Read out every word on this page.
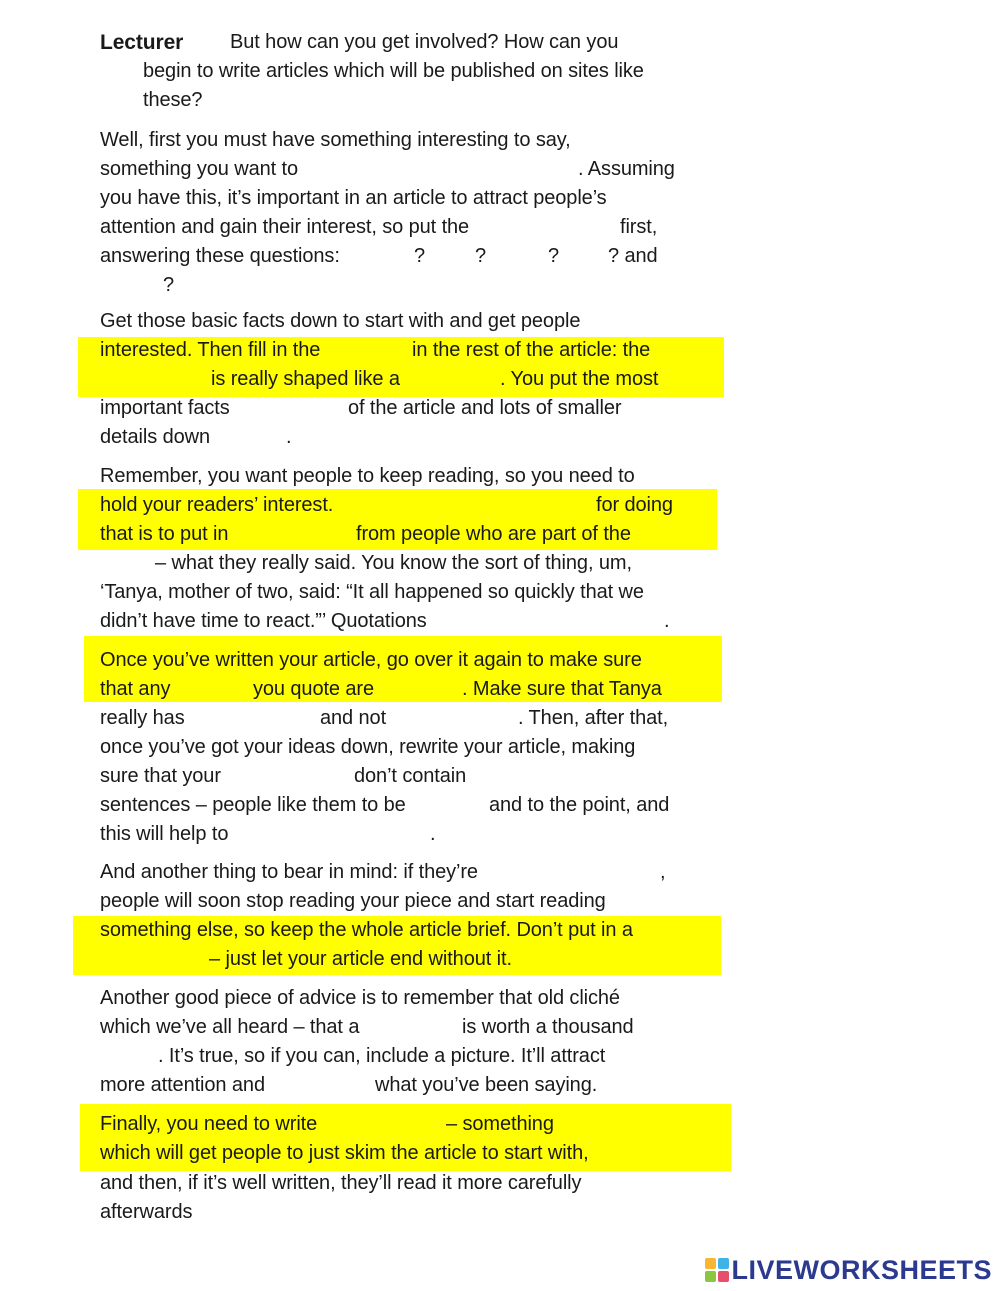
Lecturer But how can you get involved? How can you
begin to write articles which will be published on sites like
these?
Well, first you must have something interesting to say,
something you want to	. Assuming
you have this, it’s important in an article to attract people’s
attention and gain their interest, so put the	first,
answering these questions:	? ?	? ? and
?
Get those basic facts down to start with and get people
interested. Then fill in the	in the rest of the article: the
is really shaped like a	. You put the most
important facts	of the article and lots of smaller
details down	.
Remember, you want people to keep reading, so you need to
hold your readers’ interest.	for doing
that is to put in	from people who are part of the
– what they really said. You know the sort of thing, um,
‘Tanya, mother of two, said: “It all happened so quickly that we
didn’t have time to react.”’ Quotations	.
Once you’ve written your article, go over it again to make sure
that any	you quote are	. Make sure that Tanya
really has	and not	. Then, after that,
once you’ve got your ideas down, rewrite your article, making
sure that your	don’t contain
sentences – people like them to be	and to the point, and
this will help to	.
And another thing to bear in mind: if they’re	,
people will soon stop reading your piece and start reading
something else, so keep the whole article brief. Don’t put in a
– just let your article end without it.
Another good piece of advice is to remember that old cliché
which we’ve all heard – that a	is worth a thousand
. It’s true, so if you can, include a picture. It’ll attract
more attention and	what you’ve been saying.
Finally, you need to write	– something
which will get people to just skim the article to start with,
and then, if it’s well written, they’ll read it more carefully
afterwards
LIVEWORKSHEETS
